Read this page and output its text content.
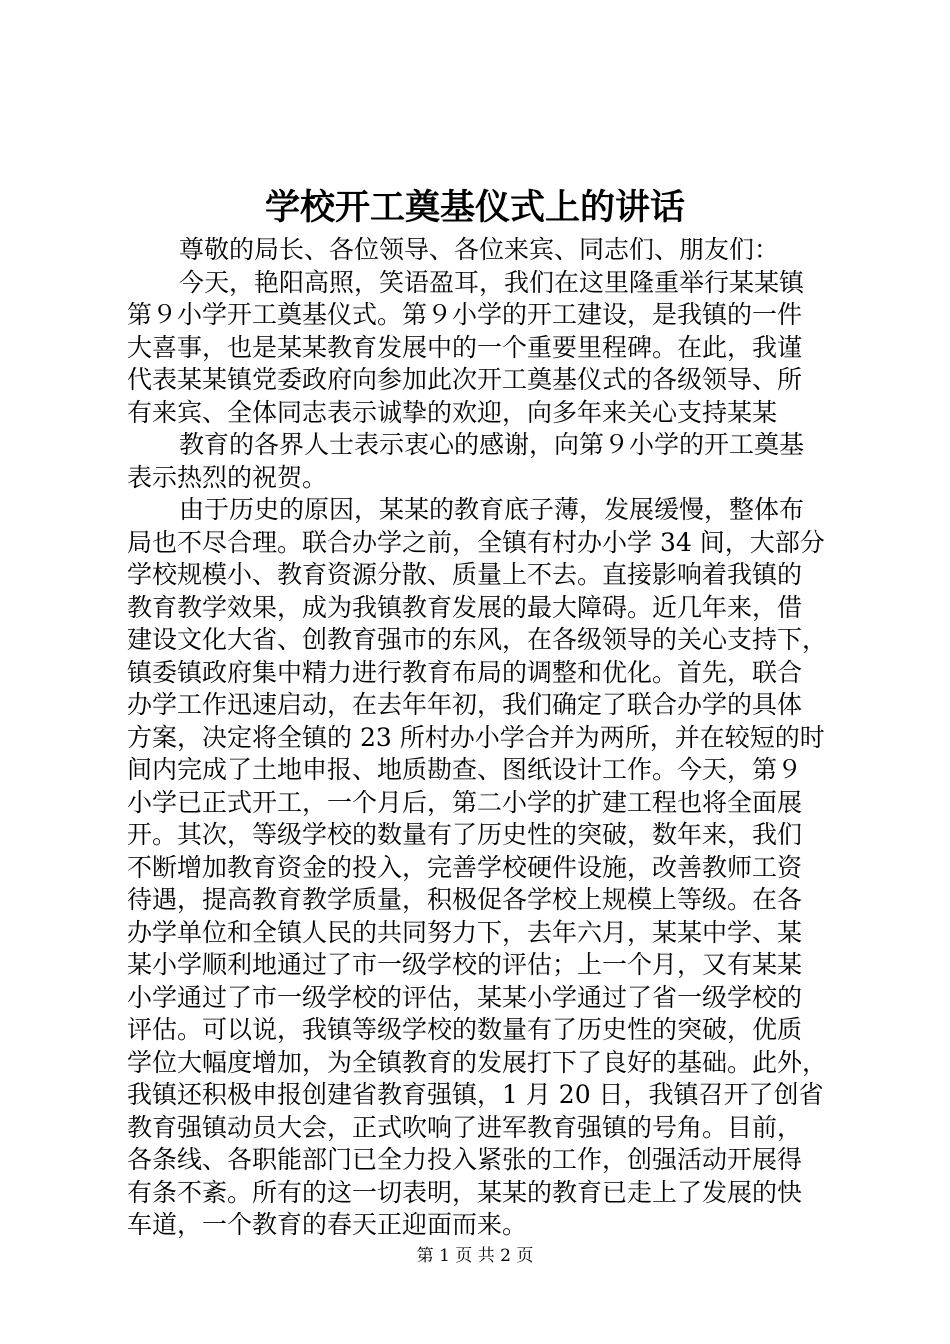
学校开工奠基仪式上的讲话
尊敬的局长、各位领导、各位来宾、同志们、朋友们：
今天，艳阳高照，笑语盈耳，我们在这里隆重举行某某镇
第９小学开工奠基仪式。第９小学的开工建设，是我镇的一件
大喜事，也是某某教育发展中的一个重要里程碑。在此，我谨
代表某某镇党委政府向参加此次开工奠基仪式的各级领导、所
有来宾、全体同志表示诚挚的欢迎，向多年来关心支持某某
教育的各界人士表示衷心的感谢，向第９小学的开工奠基
表示热烈的祝贺。
由于历史的原因，某某的教育底子薄，发展缓慢，整体布
局也不尽合理。联合办学之前，全镇有村办小学 34 间，大部分
学校规模小、教育资源分散、质量上不去。直接影响着我镇的
教育教学效果，成为我镇教育发展的最大障碍。近几年来，借
建设文化大省、创教育强市的东风，在各级领导的关心支持下，
镇委镇政府集中精力进行教育布局的调整和优化。首先，联合
办学工作迅速启动，在去年年初，我们确定了联合办学的具体
方案，决定将全镇的 23 所村办小学合并为两所，并在较短的时
间内完成了土地申报、地质勘查、图纸设计工作。今天，第９
小学已正式开工，一个月后，第二小学的扩建工程也将全面展
开。其次，等级学校的数量有了历史性的突破，数年来，我们
不断增加教育资金的投入，完善学校硬件设施，改善教师工资
待遇，提高教育教学质量，积极促各学校上规模上等级。在各
办学单位和全镇人民的共同努力下，去年六月，某某中学、某
某小学顺利地通过了市一级学校的评估；上一个月，又有某某
小学通过了市一级学校的评估，某某小学通过了省一级学校的
评估。可以说，我镇等级学校的数量有了历史性的突破，优质
学位大幅度增加，为全镇教育的发展打下了良好的基础。此外，
我镇还积极申报创建省教育强镇，1 月 20 日，我镇召开了创省
教育强镇动员大会，正式吹响了进军教育强镇的号角。目前，
各条线、各职能部门已全力投入紧张的工作，创强活动开展得
有条不紊。所有的这一切表明，某某的教育已走上了发展的快
车道，一个教育的春天正迎面而来。
第 1 页 共 2 页
